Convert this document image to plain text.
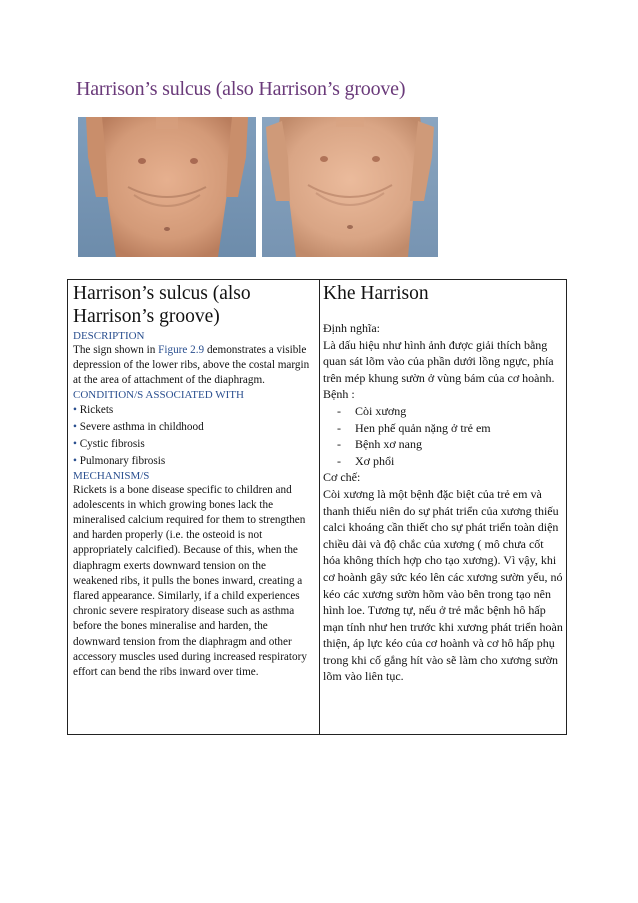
Harrison’s sulcus (also Harrison’s groove)
Harrison’s sulcus (also Harrison’s groove)
DESCRIPTION
The sign shown in Figure 2.9 demonstrates a visible depression of the lower ribs, above the costal margin at the area of attachment of the diaphragm.
CONDITION/S ASSOCIATED WITH
• Rickets
• Severe asthma in childhood
• Cystic fibrosis
• Pulmonary fibrosis
MECHANISM/S
Rickets is a bone disease specific to children and adolescents in which growing bones lack the mineralised calcium required for them to strengthen and harden properly (i.e. the osteoid is not appropriately calcified). Because of this, when the diaphragm exerts downward tension on the weakened ribs, it pulls the bones inward, creating a flared appearance. Similarly, if a child experiences chronic severe respiratory disease such as asthma before the bones mineralise and harden, the downward tension from the diaphragm and other accessory muscles used during increased respiratory effort can bend the ribs inward over time.
Khe Harrison
Định nghĩa:
Là dấu hiệu như hình ảnh được giải thích bằng quan sát lõm vào của phần dưới lồng ngực, phía trên mép khung sườn ở vùng bám của cơ hoành.
Bệnh :
- Còi xương
- Hen phế quản nặng ở trẻ em
- Bệnh xơ nang
- Xơ phổi
Cơ chế:
Còi xương là một bệnh đặc biệt của trẻ em và thanh thiếu niên do sự phát triển của xương thiếu calci khoáng cần thiết cho sự phát triển toàn diện chiều dài và độ chắc của xương ( mô chưa cốt hóa không thích hợp cho tạo xương). Vì vậy, khi cơ hoành gây sức kéo lên các xương sườn yếu, nó kéo các xương sườn hõm vào bên trong tạo nên hình loe. Tương tự, nếu ở trẻ mắc bệnh hô hấp mạn tính như hen trước khi xương phát triển hoàn thiện, áp lực kéo của cơ hoành và cơ hô hấp phụ trong khi cố gắng hít vào sẽ làm cho xương sườn lõm vào liên tục.
